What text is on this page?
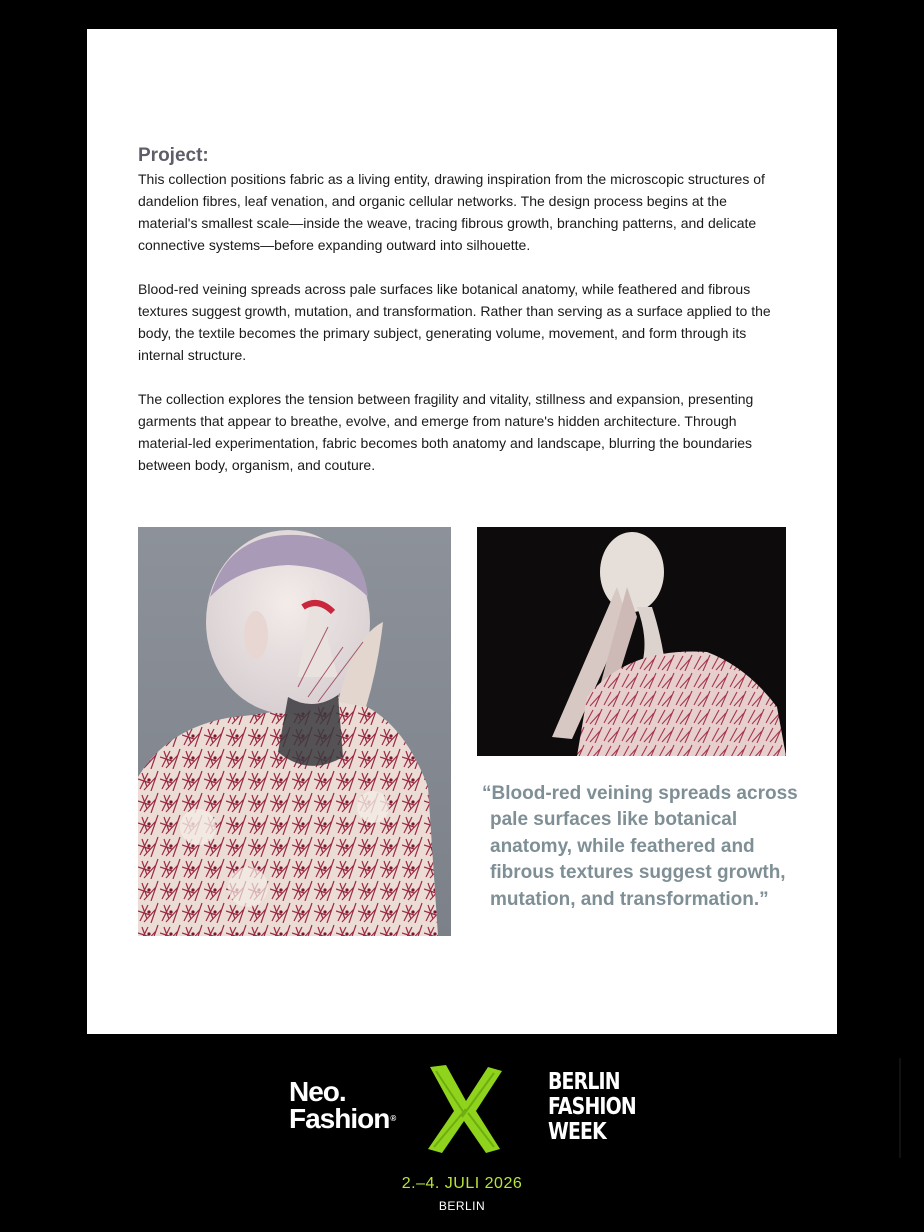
Project:

This collection positions fabric as a living entity, drawing inspiration from the microscopic structures of dandelion fibres, leaf venation, and organic cellular networks. The design process begins at the material's smallest scale—inside the weave, tracing fibrous growth, branching patterns, and delicate connective systems—before expanding outward into silhouette.

Blood-red veining spreads across pale surfaces like botanical anatomy, while feathered and fibrous textures suggest growth, mutation, and transformation. Rather than serving as a surface applied to the body, the textile becomes the primary subject, generating volume, movement, and form through its internal structure.

The collection explores the tension between fragility and vitality, stillness and expansion, presenting garments that appear to breathe, evolve, and emerge from nature's hidden architecture. Through material-led experimentation, fabric becomes both anatomy and landscape, blurring the boundaries between body, organism, and couture.

“Blood-red veining spreads across pale surfaces like botanical anatomy, while feathered and fibrous textures suggest growth, mutation, and transformation.”
Neo.
Fashion®
BERLIN
FASHION
WEEK
2.–4. JULI 2026
BERLIN
